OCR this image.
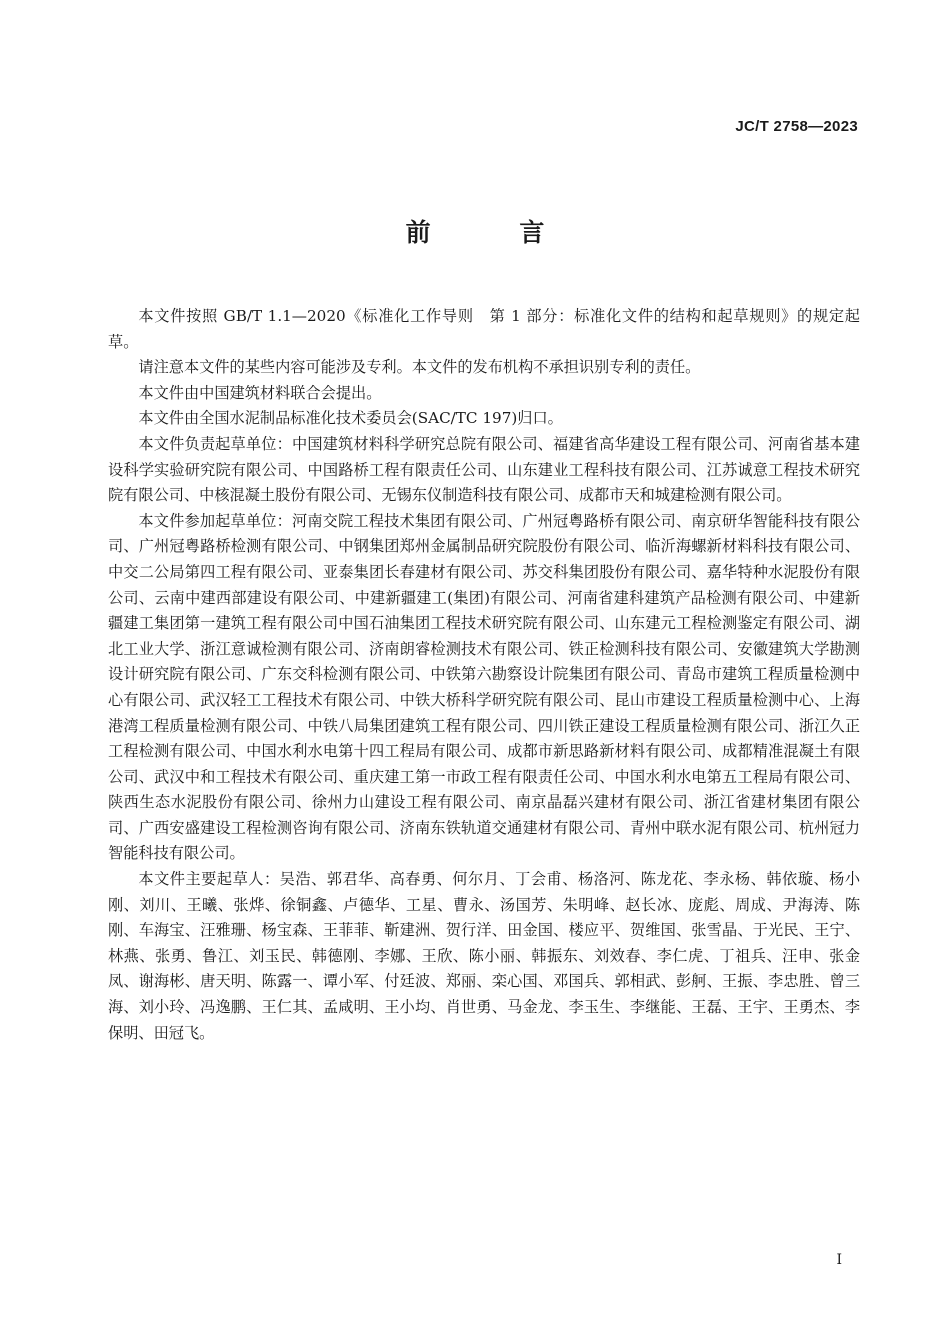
JC/T 2758—2023
前 言

本文件按照 GB/T 1.1—2020《标准化工作导则　第 1 部分：标准化文件的结构和起草规则》的规定起草。

请注意本文件的某些内容可能涉及专利。本文件的发布机构不承担识别专利的责任。

本文件由中国建筑材料联合会提出。

本文件由全国水泥制品标准化技术委员会(SAC/TC 197)归口。

本文件负责起草单位：中国建筑材料科学研究总院有限公司、福建省高华建设工程有限公司、河南省基本建设科学实验研究院有限公司、中国路桥工程有限责任公司、山东建业工程科技有限公司、江苏诚意工程技术研究院有限公司、中核混凝土股份有限公司、无锡东仪制造科技有限公司、成都市天和城建检测有限公司。

本文件参加起草单位：河南交院工程技术集团有限公司、广州冠粤路桥有限公司、南京研华智能科技有限公司、广州冠粤路桥检测有限公司、中钢集团郑州金属制品研究院股份有限公司、临沂海螺新材料科技有限公司、中交二公局第四工程有限公司、亚泰集团长春建材有限公司、苏交科集团股份有限公司、嘉华特种水泥股份有限公司、云南中建西部建设有限公司、中建新疆建工(集团)有限公司、河南省建科建筑产品检测有限公司、中建新疆建工集团第一建筑工程有限公司中国石油集团工程技术研究院有限公司、山东建元工程检测鉴定有限公司、湖北工业大学、浙江意诚检测有限公司、济南朗睿检测技术有限公司、铁正检测科技有限公司、安徽建筑大学勘测设计研究院有限公司、广东交科检测有限公司、中铁第六勘察设计院集团有限公司、青岛市建筑工程质量检测中心有限公司、武汉轻工工程技术有限公司、中铁大桥科学研究院有限公司、昆山市建设工程质量检测中心、上海港湾工程质量检测有限公司、中铁八局集团建筑工程有限公司、四川铁正建设工程质量检测有限公司、浙江久正工程检测有限公司、中国水利水电第十四工程局有限公司、成都市新思路新材料有限公司、成都精准混凝土有限公司、武汉中和工程技术有限公司、重庆建工第一市政工程有限责任公司、中国水利水电第五工程局有限公司、陕西生态水泥股份有限公司、徐州力山建设工程有限公司、南京晶磊兴建材有限公司、浙江省建材集团有限公司、广西安盛建设工程检测咨询有限公司、济南东铁轨道交通建材有限公司、青州中联水泥有限公司、杭州冠力智能科技有限公司。

本文件主要起草人：吴浩、郭君华、高春勇、何尔月、丁会甫、杨洛河、陈龙花、李永杨、韩依璇、杨小刚、刘川、王曦、张烨、徐铜鑫、卢德华、工星、曹永、汤国芳、朱明峰、赵长冰、庞彪、周成、尹海涛、陈刚、车海宝、汪雅珊、杨宝森、王菲菲、靳建洲、贺行洋、田金国、楼应平、贺维国、张雪晶、于光民、王宁、林燕、张勇、鲁江、刘玉民、韩德刚、李娜、王欣、陈小丽、韩振东、刘效春、李仁虎、丁祖兵、汪申、张金凤、谢海彬、唐天明、陈露一、谭小军、付廷波、郑丽、栾心国、邓国兵、郭相武、彭舸、王振、李忠胜、曾三海、刘小玲、冯逸鹏、王仁其、孟咸明、王小均、肖世勇、马金龙、李玉生、李继能、王磊、王宇、王勇杰、李保明、田冠飞。

I
